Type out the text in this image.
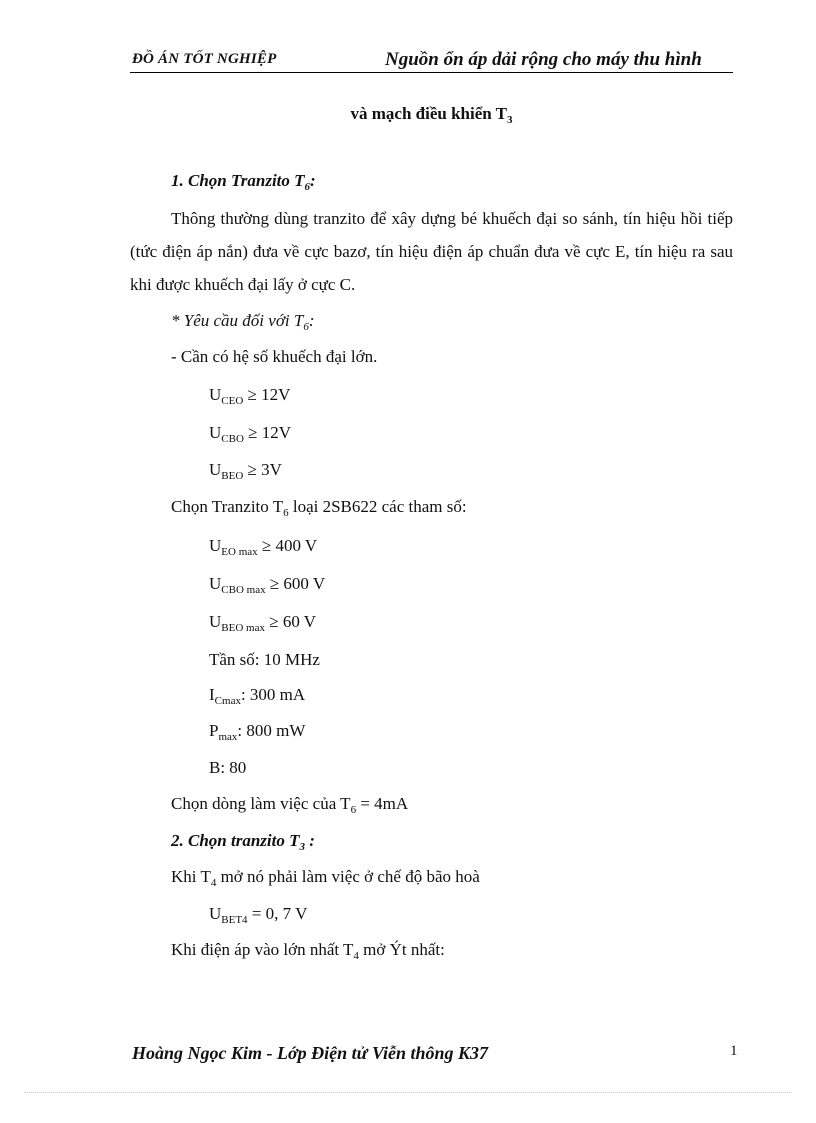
ĐỒ ÁN TỐT NGHIỆP	Nguồn ổn áp dải rộng cho máy thu hình
và mạch điều khiển $T_3$
1. Chọn Tranzito $T_6$:
Thông thường dùng tranzito để xây dựng bé khuếch đại so sánh, tín hiệu hồi tiếp (tức điện áp nắn) đưa về cực bazơ, tín hiệu điện áp chuẩn đưa về cực E, tín hiệu ra sau khi được khuếch đại lấy ở cực C.
* Yêu cầu đối với $T_6$:
- Cần có hệ số khuếch đại lớn.
$U_{CEO} \ge 12V$
$U_{CBO} \ge 12V$
$U_{BEO} \ge 3V$
Chọn Tranzito $T_6$ loại 2SB622 các tham số:
$U_{EO max} \ge 400$ V
$U_{CBO max} \ge 600$ V
$U_{BEO max} \ge 60$ V
Tần số: 10 MHz
$I_{Cmax}$: 300 mA
$P_{max}$: 800 mW
B: 80
Chọn dòng làm việc của $T_6 = 4mA$
2. Chọn tranzito $T_3$ :
Khi $T_4$ mở nó phải làm việc ở chế độ bão hoà
$U_{BET4} = 0$, 7 V
Khi điện áp vào lớn nhất $T_4$ mở Ýt nhất:
Hoàng Ngọc Kim - Lớp Điện tử Viễn thông K37	1
